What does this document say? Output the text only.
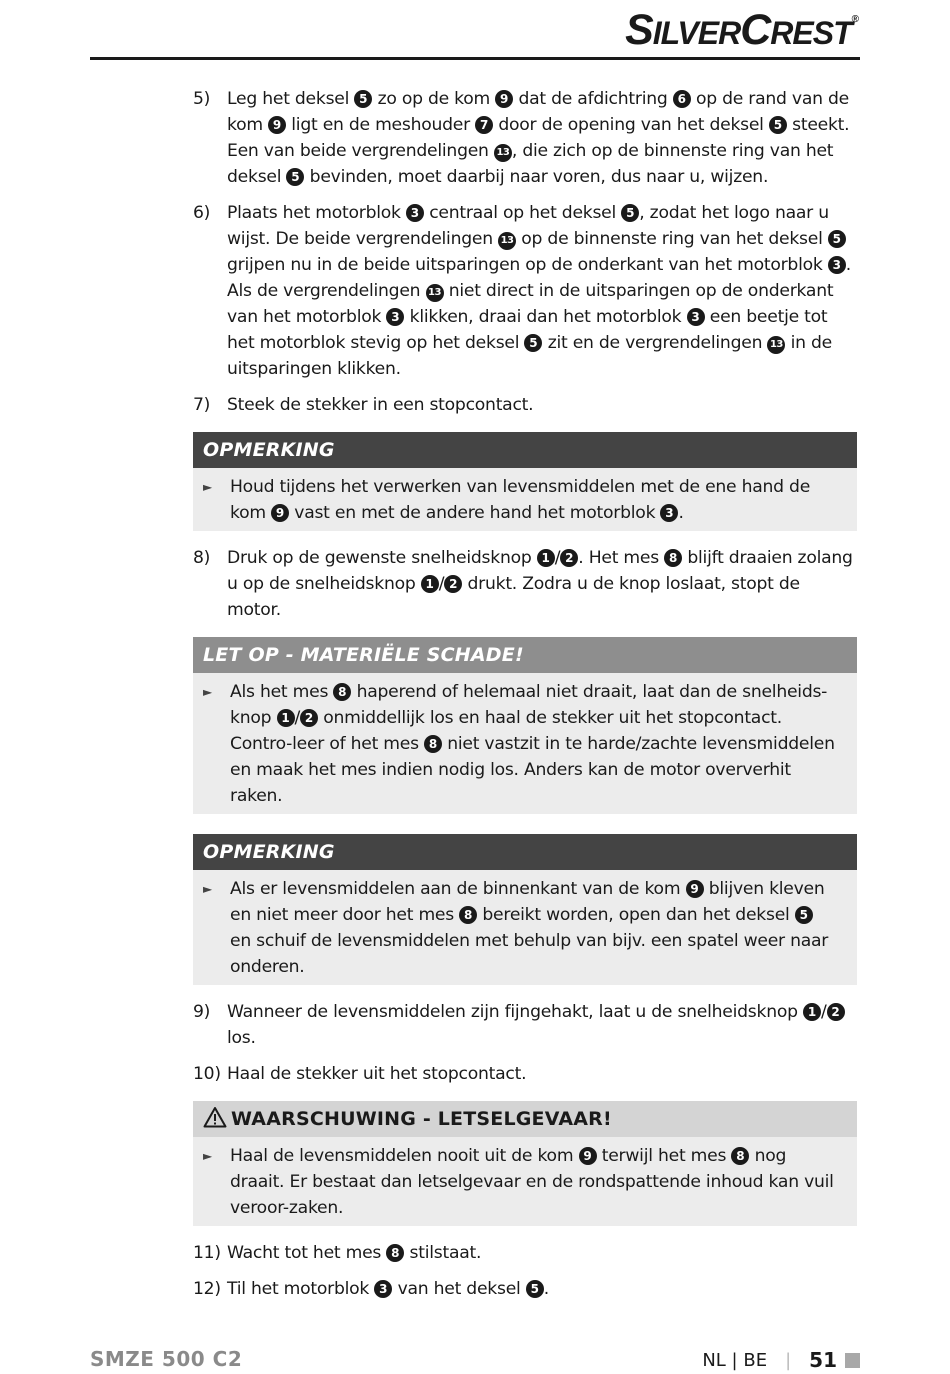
SILVERCREST®
5) Leg het deksel 5 zo op de kom 9 dat de afdichtring 6 op de rand van de kom 9 ligt en de meshouder 7 door de opening van het deksel 5 steekt. Een van beide vergrendelingen 13 , die zich op de binnenste ring van het deksel 5 bevinden, moet daarbij naar voren, dus naar u, wijzen.
6) Plaats het motorblok 3 centraal op het deksel 5 , zodat het logo naar u wijst. De beide vergrendelingen 13 op de binnenste ring van het deksel 5 grijpen nu in de beide uitsparingen op de onderkant van het motorblok 3 . Als de vergrendelingen 13 niet direct in de uitsparingen op de onderkant van het motorblok 3 klikken, draai dan het motorblok 3 een beetje tot het motorblok stevig op het deksel 5 zit en de vergrendelingen 13 in de uitsparingen klikken.
7) Steek de stekker in een stopcontact.
OPMERKING
► Houd tijdens het verwerken van levensmiddelen met de ene hand de kom 9 vast en met de andere hand het motorblok 3 .
8) Druk op de gewenste snelheidsknop 1 / 2 . Het mes 8 blijft draaien zolang u op de snelheidsknop 1 / 2 drukt. Zodra u de knop loslaat, stopt de motor.
LET OP - MATERIËLE SCHADE!
► Als het mes 8 haperend of helemaal niet draait, laat dan de snelheids-knop 1 / 2 onmiddellijk los en haal de stekker uit het stopcontact. Contro-leer of het mes 8 niet vastzit in te harde/zachte levensmiddelen en maak het mes indien nodig los. Anders kan de motor oververhit raken.
OPMERKING
► Als er levensmiddelen aan de binnenkant van de kom 9 blijven kleven en niet meer door het mes 8 bereikt worden, open dan het deksel 5 en schuif de levensmiddelen met behulp van bijv. een spatel weer naar onderen.
9) Wanneer de levensmiddelen zijn fijngehakt, laat u de snelheidsknop 1 / 2 los.
10) Haal de stekker uit het stopcontact.
WAARSCHUWING - LETSELGEVAAR!
► Haal de levensmiddelen nooit uit de kom 9 terwijl het mes 8 nog draait. Er bestaat dan letselgevaar en de rondspattende inhoud kan vuil veroor-zaken.
11) Wacht tot het mes 8 stilstaat.
12) Til het motorblok 3 van het deksel 5 .
SMZE 500 C2	NL | BE | 51
